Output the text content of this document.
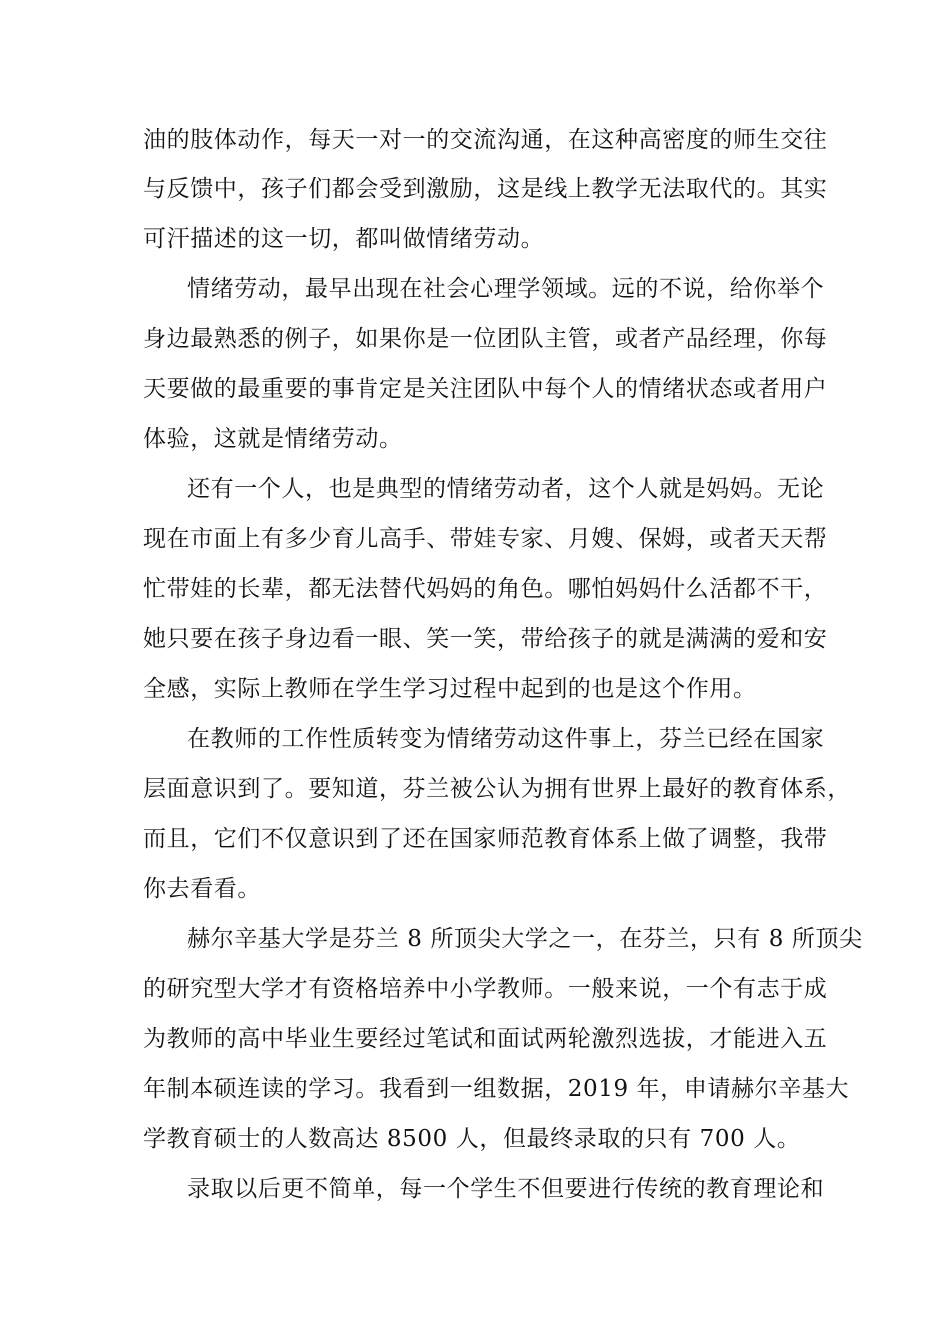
油的肢体动作，每天一对一的交流沟通，在这种高密度的师生交往
与反馈中，孩子们都会受到激励，这是线上教学无法取代的。其实
可汗描述的这一切，都叫做情绪劳动。
情绪劳动，最早出现在社会心理学领域。远的不说，给你举个
身边最熟悉的例子，如果你是一位团队主管，或者产品经理，你每
天要做的最重要的事肯定是关注团队中每个人的情绪状态或者用户
体验，这就是情绪劳动。
还有一个人，也是典型的情绪劳动者，这个人就是妈妈。无论
现在市面上有多少育儿高手、带娃专家、月嫂、保姆，或者天天帮
忙带娃的长辈，都无法替代妈妈的角色。哪怕妈妈什么活都不干，
她只要在孩子身边看一眼、笑一笑，带给孩子的就是满满的爱和安
全感，实际上教师在学生学习过程中起到的也是这个作用。
在教师的工作性质转变为情绪劳动这件事上，芬兰已经在国家
层面意识到了。要知道，芬兰被公认为拥有世界上最好的教育体系，
而且，它们不仅意识到了还在国家师范教育体系上做了调整，我带
你去看看。
赫尔辛基大学是芬兰 8 所顶尖大学之一，在芬兰，只有 8 所顶尖
的研究型大学才有资格培养中小学教师。一般来说，一个有志于成
为教师的高中毕业生要经过笔试和面试两轮激烈选拔，才能进入五
年制本硕连读的学习。我看到一组数据，2019 年，申请赫尔辛基大
学教育硕士的人数高达 8500 人，但最终录取的只有 700 人。
录取以后更不简单，每一个学生不但要进行传统的教育理论和
